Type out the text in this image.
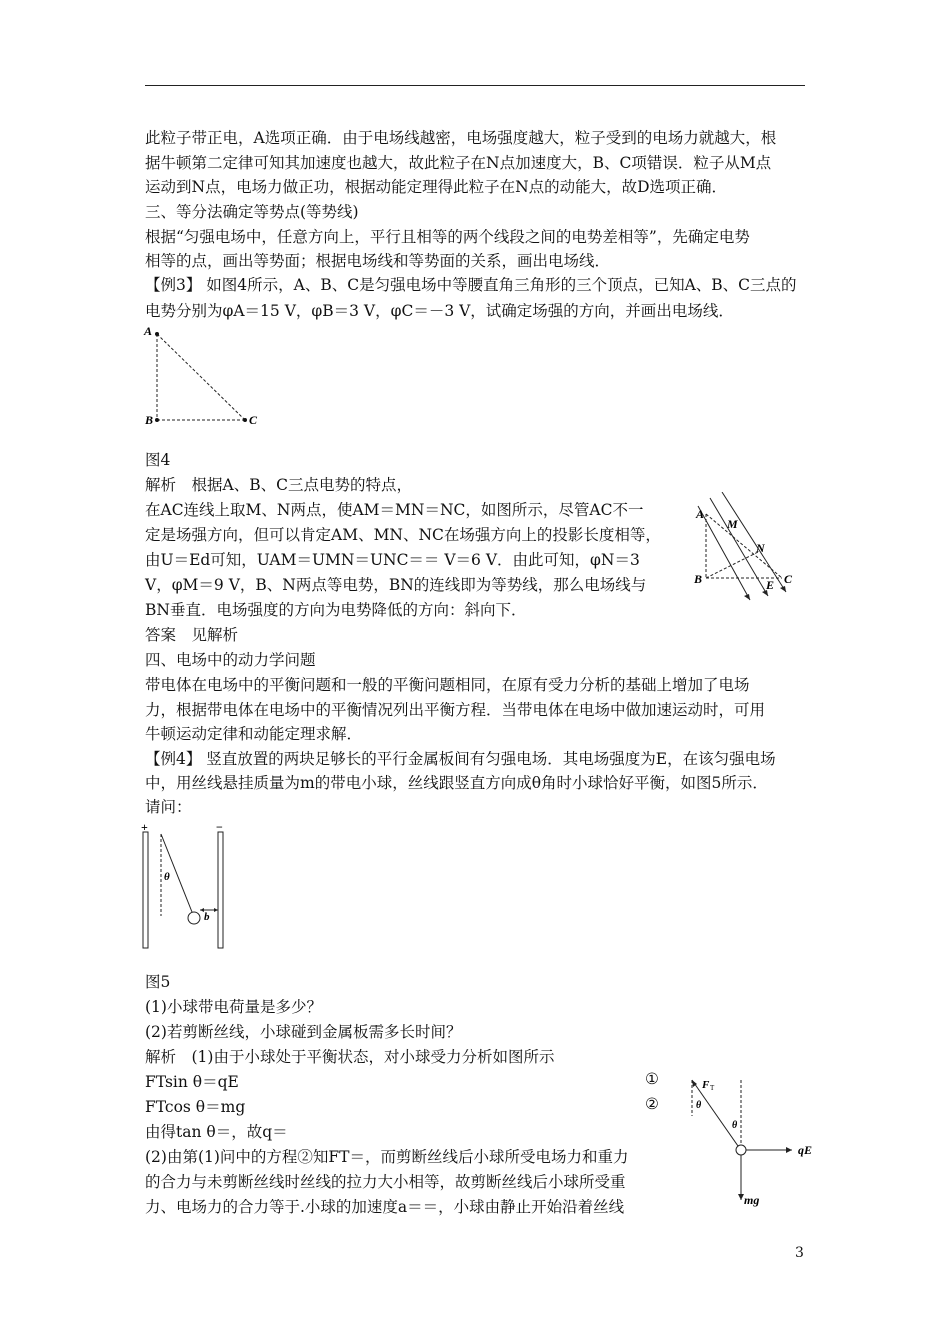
此粒子带正电，A选项正确．由于电场线越密，电场强度越大，粒子受到的电场力就越大，根
据牛顿第二定律可知其加速度也越大，故此粒子在N点加速度大，B、C项错误．粒子从M点
运动到N点，电场力做正功，根据动能定理得此粒子在N点的动能大，故D选项正确．
三、等分法确定等势点(等势线)
根据“匀强电场中，任意方向上，平行且相等的两个线段之间的电势差相等”，先确定电势
相等的点，画出等势面；根据电场线和等势面的关系，画出电场线．
【例3】 如图4所示，A、B、C是匀强电场中等腰直角三角形的三个顶点，已知A、B、C三点的
电势分别为φA＝15 V，φB＝3 V，φC＝－3 V，试确定场强的方向，并画出电场线．
图4
解析　根据A、B、C三点电势的特点，
在AC连线上取M、N两点，使AM＝MN＝NC，如图所示，尽管AC不一
定是场强方向，但可以肯定AM、MN、NC在场强方向上的投影长度相等，
由U＝Ed可知，UAM＝UMN＝UNC＝＝ V＝6 V．由此可知，φN＝3
V，φM＝9 V，B、N两点等电势，BN的连线即为等势线，那么电场线与
BN垂直．电场强度的方向为电势降低的方向：斜向下．
答案　见解析
四、电场中的动力学问题
带电体在电场中的平衡问题和一般的平衡问题相同，在原有受力分析的基础上增加了电场
力，根据带电体在电场中的平衡情况列出平衡方程．当带电体在电场中做加速运动时，可用
牛顿运动定律和动能定理求解．
【例4】 竖直放置的两块足够长的平行金属板间有匀强电场．其电场强度为E，在该匀强电场
中，用丝线悬挂质量为m的带电小球，丝线跟竖直方向成θ角时小球恰好平衡，如图5所示．
请问：
图5
(1)小球带电荷量是多少？
(2)若剪断丝线，小球碰到金属板需多长时间？
解析　(1)由于小球处于平衡状态，对小球受力分析如图所示
FTsin θ＝qE
FTcos θ＝mg
由得tan θ＝，故q＝
(2)由第(1)问中的方程②知FT＝，而剪断丝线后小球所受电场力和重力
的合力与未剪断丝线时丝线的拉力大小相等，故剪断丝线后小球所受重
力、电场力的合力等于.小球的加速度a＝＝，小球由静止开始沿着丝线
①
②
A
B	C
A
M
N
B	C
E
+	−
θ
b
F T
θ
θ
qE
mg
3
